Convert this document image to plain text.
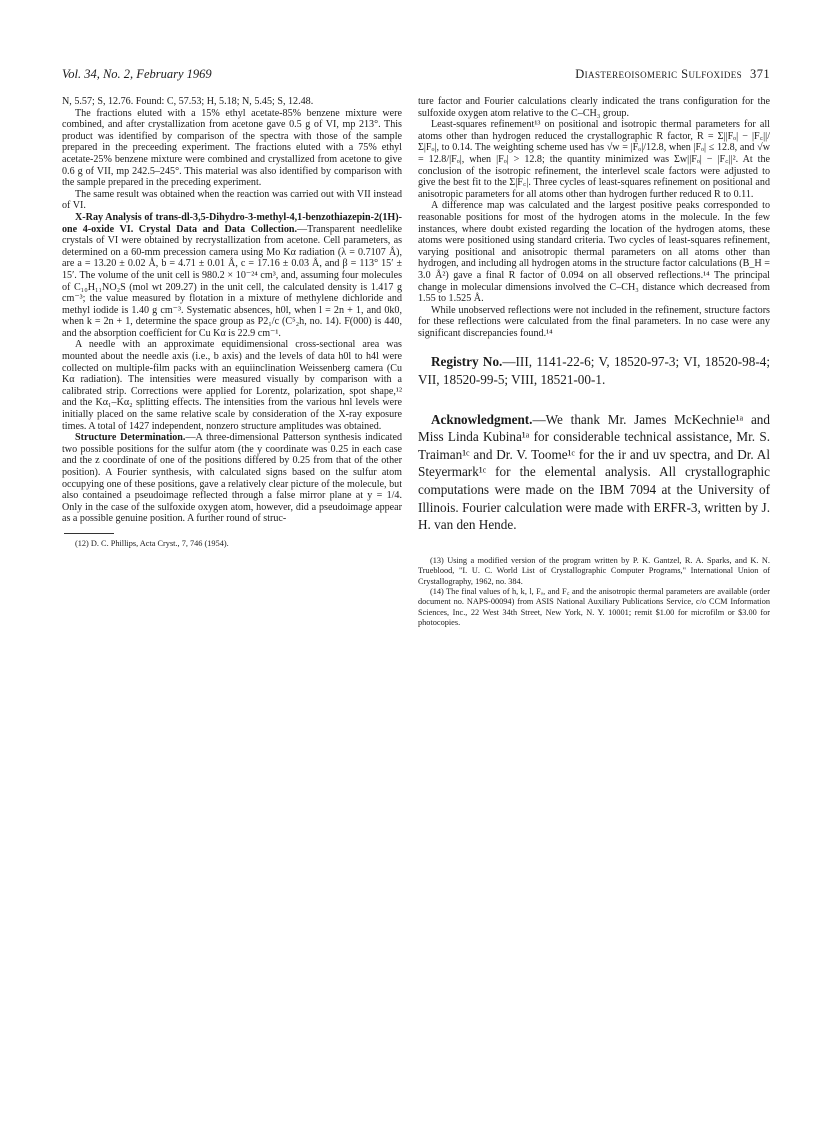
Vol. 34, No. 2, February 1969	Diastereoisomeric Sulfoxides 371

N, 5.57; S, 12.76. Found: C, 57.53; H, 5.18; N, 5.45; S, 12.48.

The fractions eluted with a 15% ethyl acetate-85% benzene mixture were combined, and after crystallization from acetone gave 0.5 g of VI, mp 213°. This product was identified by comparison of the spectra with those of the sample prepared in the preceeding experiment. The fractions eluted with a 75% ethyl acetate-25% benzene mixture were combined and crystallized from acetone to give 0.6 g of VII, mp 242.5–245°. This material was also identified by comparison with the sample prepared in the preceding experiment.

The same result was obtained when the reaction was carried out with VII instead of VI.

X-Ray Analysis of trans-dl-3,5-Dihydro-3-methyl-4,1-benzothiazepin-2(1H)-one 4-oxide VI. Crystal Data and Data Collection.—Transparent needlelike crystals of VI were obtained by recrystallization from acetone. Cell parameters, as determined on a 60-mm precession camera using Mo Kα radiation (λ = 0.7107 Å), are a = 13.20 ± 0.02 Å, b = 4.71 ± 0.01 Å, c = 17.16 ± 0.03 Å, and β = 113° 15′ ± 15′. The volume of the unit cell is 980.2 × 10⁻²⁴ cm³, and, assuming four molecules of C₁₀H₁₁NO₂S (mol wt 209.27) in the unit cell, the calculated density is 1.417 g cm⁻³; the value measured by flotation in a mixture of methylene dichloride and methyl iodide is 1.40 g cm⁻³. Systematic absences, h0l, when l = 2n + 1, and 0k0, when k = 2n + 1, determine the space group as P2₁/c (C⁵₂h, no. 14). F(000) is 440, and the absorption coefficient for Cu Kα is 22.9 cm⁻¹.

A needle with an approximate equidimensional cross-sectional area was mounted about the needle axis (i.e., b axis) and the levels of data h0l to h4l were collected on multiple-film packs with an equiinclination Weissenberg camera (Cu Kα radiation). The intensities were measured visually by comparison with a calibrated strip. Corrections were applied for Lorentz, polarization, spot shape,¹² and the Kα₁–Kα₂ splitting effects. The intensities from the various hnl levels were initially placed on the same relative scale by consideration of the X-ray exposure times. A total of 1427 independent, nonzero structure amplitudes was obtained.

Structure Determination.—A three-dimensional Patterson synthesis indicated two possible positions for the sulfur atom (the y coordinate was 0.25 in each case and the z coordinate of one of the positions differed by 0.25 from that of the other position). A Fourier synthesis, with calculated signs based on the sulfur atom occupying one of these positions, gave a relatively clear picture of the molecule, but also contained a pseudoimage reflected through a false mirror plane at y = 1/4. Only in the case of the sulfoxide oxygen atom, however, did a pseudoimage appear as a possible genuine position. A further round of struc-

(12) D. C. Phillips, Acta Cryst., 7, 746 (1954).

ture factor and Fourier calculations clearly indicated the trans configuration for the sulfoxide oxygen atom relative to the C–CH₃ group.

Least-squares refinement¹³ on positional and isotropic thermal parameters for all atoms other than hydrogen reduced the crystallographic R factor, R = Σ||Fₒ| − |F꜀||/Σ|Fₒ|, to 0.14. The weighting scheme used has √w = |Fₒ|/12.8, when |Fₒ| ≤ 12.8, and √w = 12.8/|Fₒ|, when |Fₒ| > 12.8; the quantity minimized was Σw||Fₒ| − |F꜀||². At the conclusion of the isotropic refinement, the interlevel scale factors were adjusted to give the best fit to the Σ|F꜀|. Three cycles of least-squares refinement on positional and anisotropic parameters for all atoms other than hydrogen further reduced R to 0.11.

A difference map was calculated and the largest positive peaks corresponded to reasonable positions for most of the hydrogen atoms in the molecule. In the few instances, where doubt existed regarding the location of the hydrogen atoms, these atoms were positioned using standard criteria. Two cycles of least-squares refinement, varying positional and anisotropic thermal parameters on all atoms other than hydrogen, and including all hydrogen atoms in the structure factor calculations (B_H = 3.0 Å²) gave a final R factor of 0.094 on all observed reflections.¹⁴ The principal change in molecular dimensions involved the C–CH₃ distance which decreased from 1.55 to 1.525 Å.

While unobserved reflections were not included in the refinement, structure factors for these reflections were calculated from the final parameters. In no case were any significant discrepancies found.¹⁴

Registry No.—III, 1141-22-6; V, 18520-97-3; VI, 18520-98-4; VII, 18520-99-5; VIII, 18521-00-1.

Acknowledgment.—We thank Mr. James McKechnie¹ᵃ and Miss Linda Kubina¹ᵃ for considerable technical assistance, Mr. S. Traiman¹ᶜ and Dr. V. Toome¹ᶜ for the ir and uv spectra, and Dr. Al Steyermark¹ᶜ for the elemental analysis. All crystallographic computations were made on the IBM 7094 at the University of Illinois. Fourier calculation were made with ERFR-3, written by J. H. van den Hende.

(13) Using a modified version of the program written by P. K. Gantzel, R. A. Sparks, and K. N. Trueblood, "I. U. C. World List of Crystallographic Computer Programs," International Union of Crystallography, 1962, no. 384.

(14) The final values of h, k, l, Fₒ, and F꜀ and the anisotropic thermal parameters are available (order document no. NAPS-00094) from ASIS National Auxiliary Publications Service, c/o CCM Information Sciences, Inc., 22 West 34th Street, New York, N. Y. 10001; remit $1.00 for microfilm or $3.00 for photocopies.
